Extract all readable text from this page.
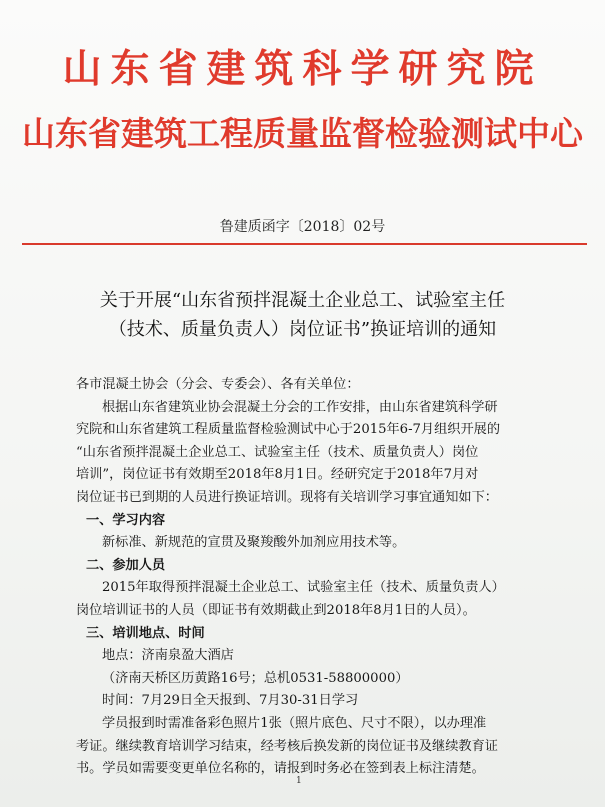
山东省建筑科学研究院
山东省建筑工程质量监督检验测试中心
鲁建质函字〔2018〕02号
关于开展“山东省预拌混凝土企业总工、试验室主任
（技术、质量负责人）岗位证书”换证培训的通知

各市混凝土协会（分会、专委会）、各有关单位：

根据山东省建筑业协会混凝土分会的工作安排，由山东省建筑科学研

究院和山东省建筑工程质量监督检验测试中心于2015年6-7月组织开展的

“山东省预拌混凝土企业总工、试验室主任（技术、质量负责人）岗位

培训”，岗位证书有效期至2018年8月1日。经研究定于2018年7月对

岗位证书已到期的人员进行换证培训。现将有关培训学习事宜通知如下：

一、学习内容

新标准、新规范的宣贯及聚羧酸外加剂应用技术等。

二、参加人员

2015年取得预拌混凝土企业总工、试验室主任（技术、质量负责人）

岗位培训证书的人员（即证书有效期截止到2018年8月1日的人员）。

三、培训地点、时间

地点：济南泉盈大酒店

（济南天桥区历黄路16号；总机0531-58800000）

时间：7月29日全天报到、7月30-31日学习

学员报到时需准备彩色照片1张（照片底色、尺寸不限），以办理准

考证。继续教育培训学习结束，经考核后换发新的岗位证书及继续教育证

书。学员如需要变更单位名称的，请报到时务必在签到表上标注清楚。

1
